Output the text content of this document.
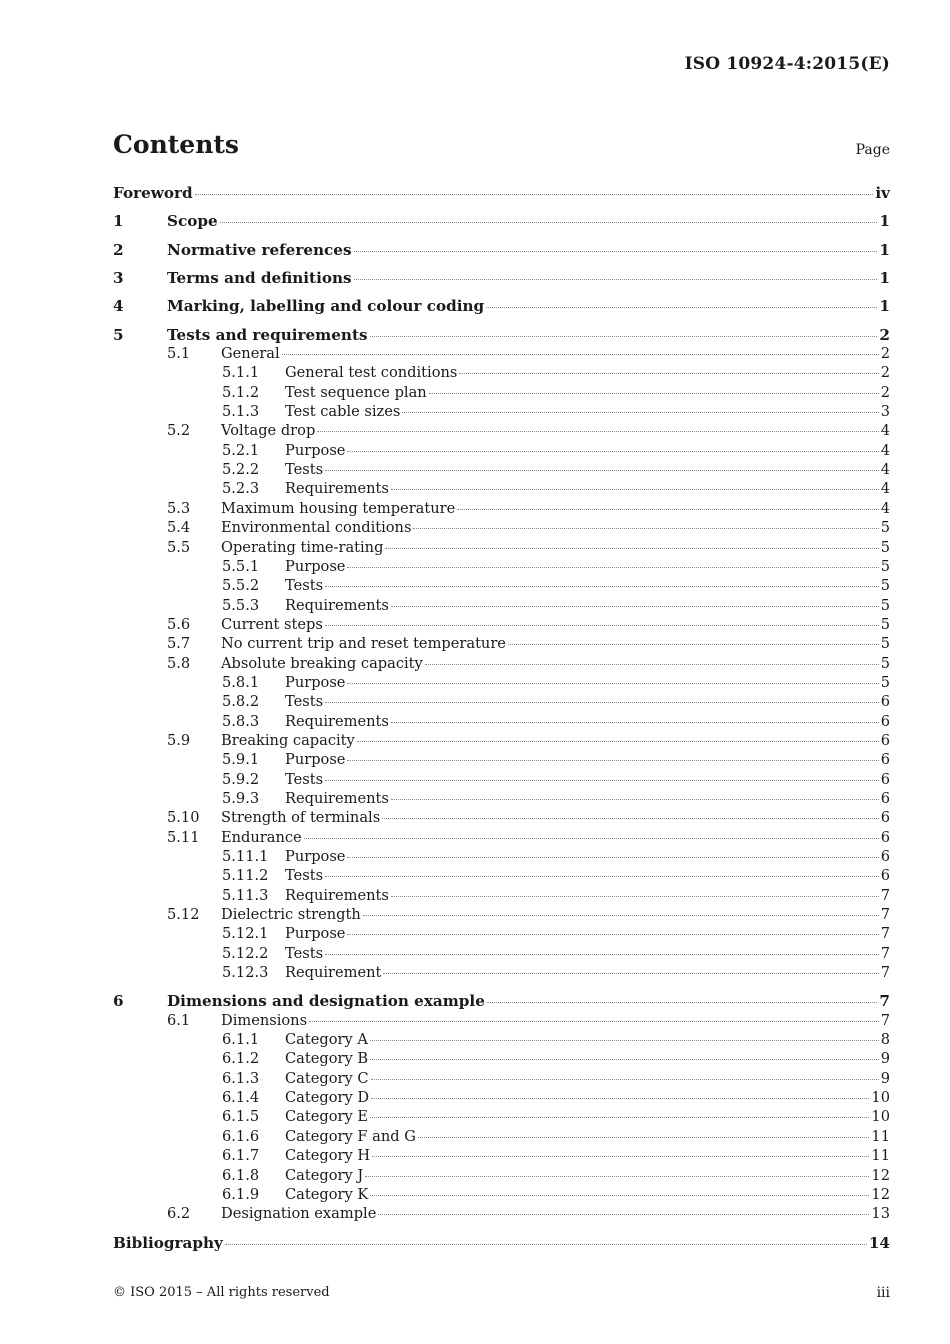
ISO 10924-4:2015(E)
Contents	Page
Foreword	iv
1	Scope	1
2	Normative references	1
3	Terms and definitions	1
4	Marking, labelling and colour coding	1
5	Tests and requirements	2
5.1	General	2
5.1.1	General test conditions	2
5.1.2	Test sequence plan	2
5.1.3	Test cable sizes	3
5.2	Voltage drop	4
5.2.1	Purpose	4
5.2.2	Tests	4
5.2.3	Requirements	4
5.3	Maximum housing temperature	4
5.4	Environmental conditions	5
5.5	Operating time-rating	5
5.5.1	Purpose	5
5.5.2	Tests	5
5.5.3	Requirements	5
5.6	Current steps	5
5.7	No current trip and reset temperature	5
5.8	Absolute breaking capacity	5
5.8.1	Purpose	5
5.8.2	Tests	6
5.8.3	Requirements	6
5.9	Breaking capacity	6
5.9.1	Purpose	6
5.9.2	Tests	6
5.9.3	Requirements	6
5.10	Strength of terminals	6
5.11	Endurance	6
5.11.1	Purpose	6
5.11.2	Tests	6
5.11.3	Requirements	7
5.12	Dielectric strength	7
5.12.1	Purpose	7
5.12.2	Tests	7
5.12.3	Requirement	7
6	Dimensions and designation example	7
6.1	Dimensions	7
6.1.1	Category A	8
6.1.2	Category B	9
6.1.3	Category C	9
6.1.4	Category D	10
6.1.5	Category E	10
6.1.6	Category F and G	11
6.1.7	Category H	11
6.1.8	Category J	12
6.1.9	Category K	12
6.2	Designation example	13
Bibliography	14
© ISO 2015 – All rights reserved	iii
